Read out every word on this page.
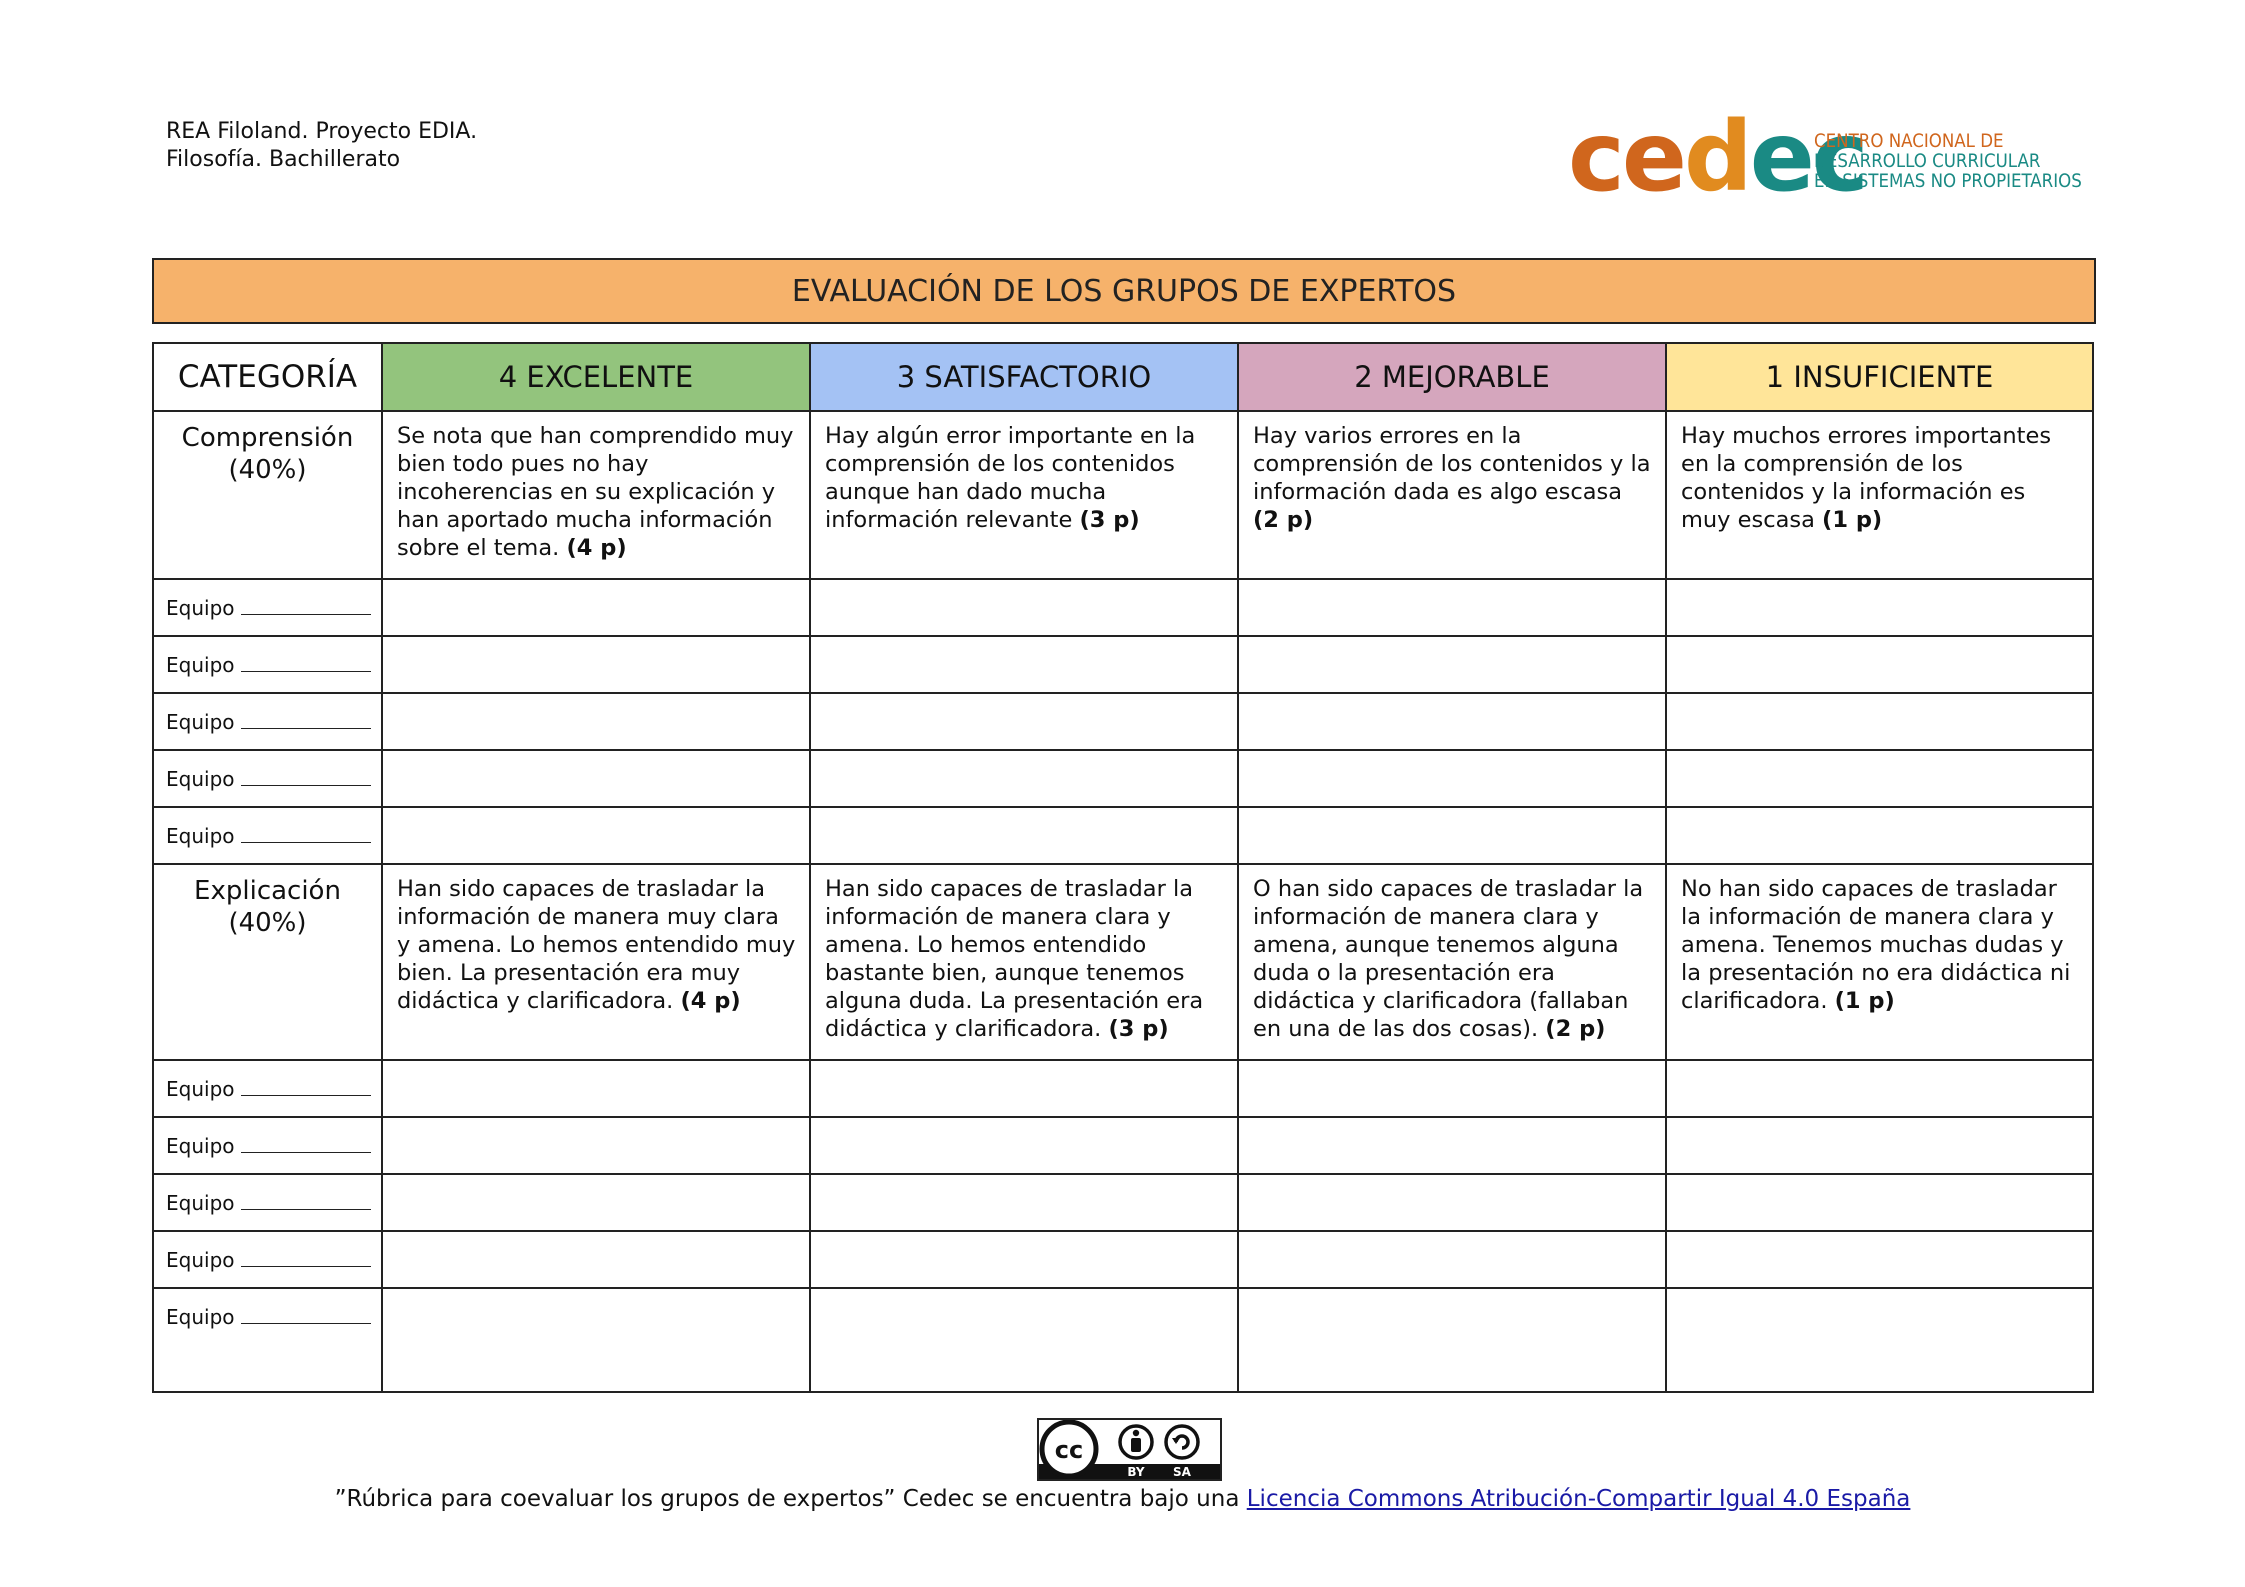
REA Filoland. Proyecto EDIA.
Filosofía. Bachillerato	cedec
CENTRO NACIONAL DE
DESARROLLO CURRICULAR
EN SISTEMAS NO PROPIETARIOS
EVALUACIÓN DE LOS GRUPOS DE EXPERTOS
CATEGORÍA	4 EXCELENTE	3 SATISFACTORIO	2 MEJORABLE	1 INSUFICIENTE

Comprensión
(40%)	Se nota que han comprendido muy bien todo pues no hay incoherencias en su explicación y han aportado mucha información sobre el tema. (4 p)	Hay algún error importante en la comprensión de los contenidos aunque han dado mucha información relevante (3 p)	Hay varios errores en la comprensión de los contenidos y la información dada es algo escasa (2 p)	Hay muchos errores importantes en la comprensión de los contenidos y la información es muy escasa (1 p)
Equipo				
Equipo				
Equipo				
Equipo				
Equipo				

Explicación
(40%)	Han sido capaces de trasladar la información de manera muy clara y amena. Lo hemos entendido muy bien. La presentación era muy didáctica y clarificadora. (4 p)	Han sido capaces de trasladar la información de manera clara y amena. Lo hemos entendido bastante bien, aunque tenemos alguna duda. La presentación era didáctica y clarificadora. (3 p)	O han sido capaces de trasladar la información de manera clara y amena, aunque tenemos alguna duda o la presentación era didáctica y clarificadora (fallaban en una de las dos cosas). (2 p)	No han sido capaces de trasladar la información de manera clara y amena. Tenemos muchas dudas y la presentación no era didáctica ni clarificadora. (1 p)
Equipo				
Equipo				
Equipo				
Equipo				
Equipo				
cc
BY SA
”Rúbrica para coevaluar los grupos de expertos” Cedec se encuentra bajo una Licencia Commons Atribución-Compartir Igual 4.0 España
